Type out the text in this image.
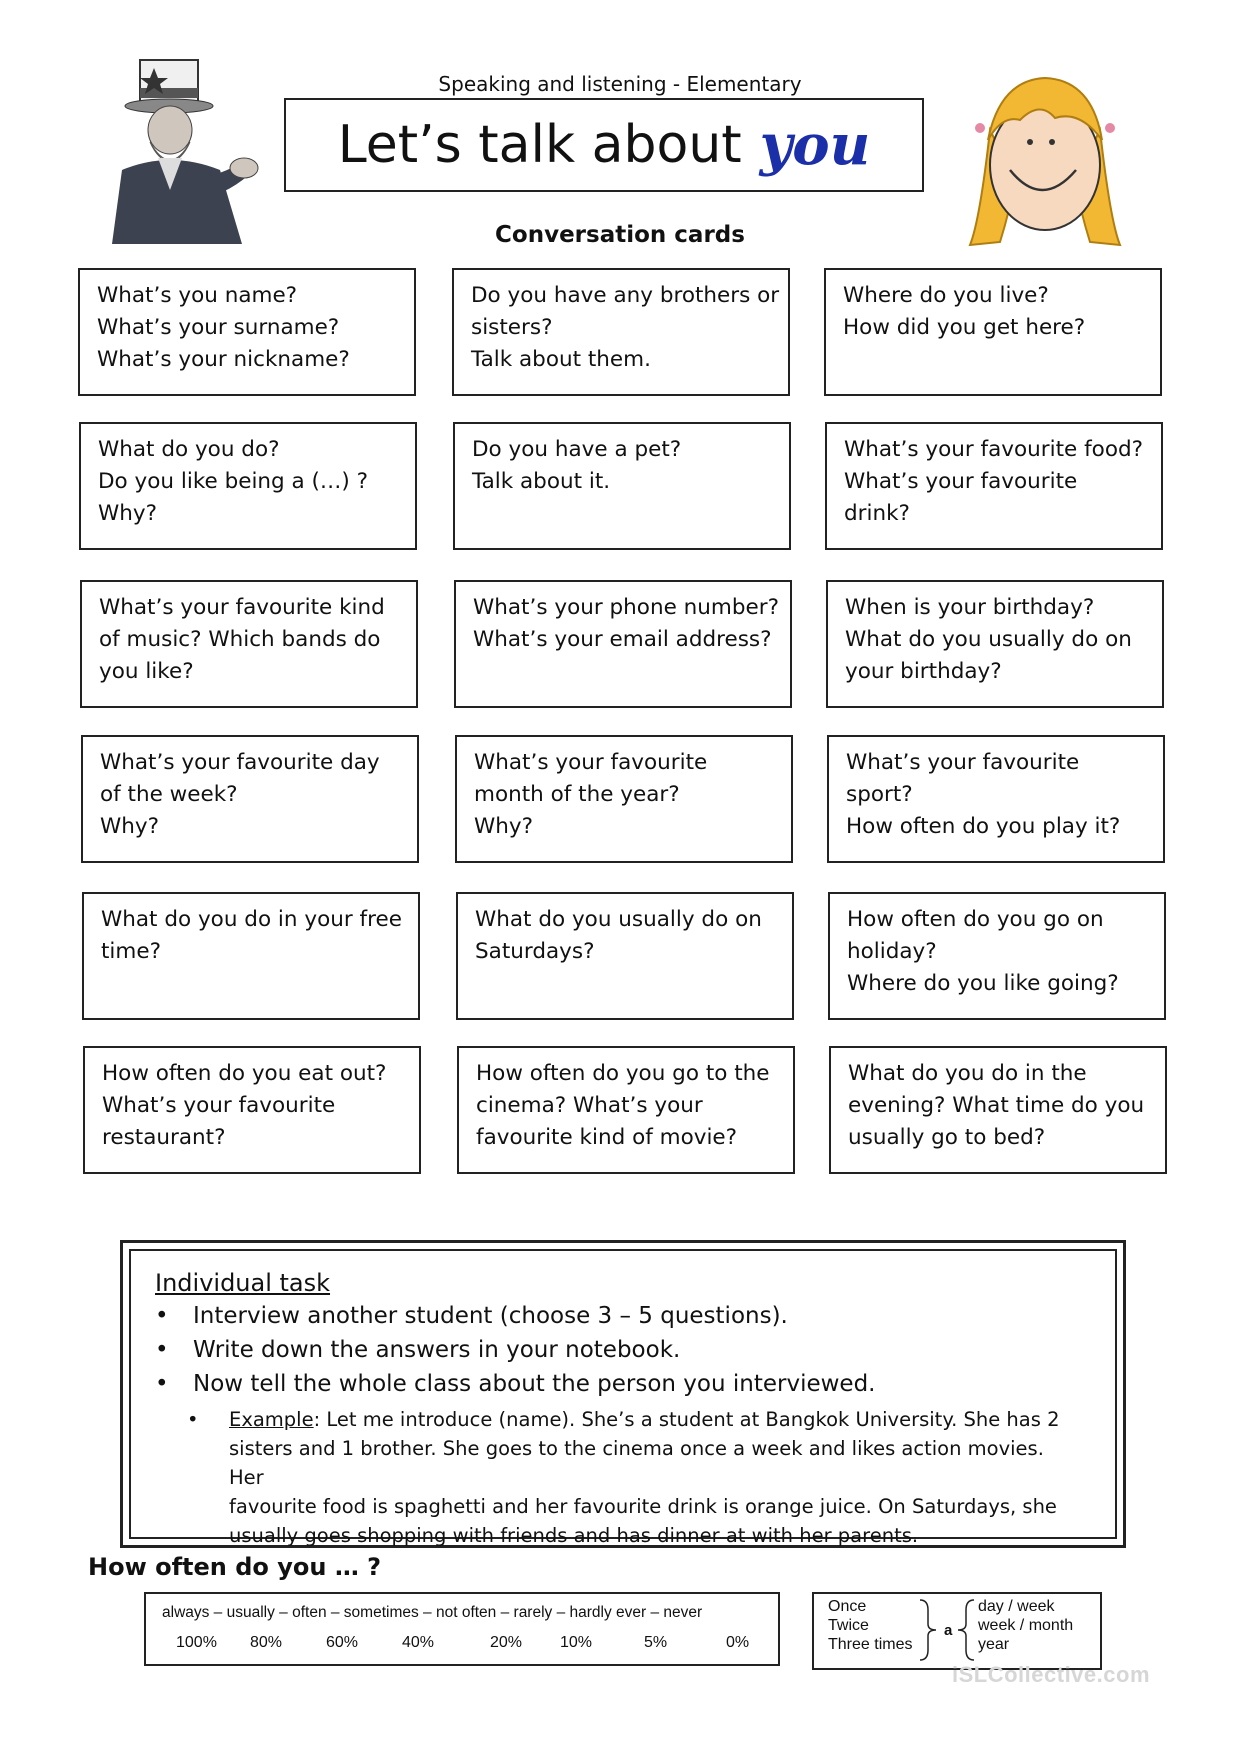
Speaking and listening - Elementary
Let’s talk about you
Conversation cards
What’s you name?
What’s your surname?
What’s your nickname?
Do you have any brothers or
sisters?
Talk about them.
Where do you live?
How did you get here?
What do you do?
Do you like being a (…) ?
Why?
Do you have a pet?
Talk about it.
What’s your favourite food?
What’s your favourite
drink?
What’s your favourite kind
of music? Which bands do
you like?
What’s your phone number?
What’s your email address?
When is your birthday?
What do you usually do on
your birthday?
What’s your favourite day
of the week?
Why?
What’s your favourite
month of the year?
Why?
What’s your favourite
sport?
How often do you play it?
What do you do in your free
time?
What do you usually do on
Saturdays?
How often do you go on
holiday?
Where do you like going?
How often do you eat out?
What’s your favourite
restaurant?
How often do you go to the
cinema? What’s your
favourite kind of movie?
What do you do in the
evening? What time do you
usually go to bed?
Individual task
• Interview another student (choose 3 – 5 questions).
• Write down the answers in your notebook.
• Now tell the whole class about the person you interviewed.
• Example: Let me introduce (name). She’s a student at Bangkok University. She has 2
sisters and 1 brother. She goes to the cinema once a week and likes action movies. Her
favourite food is spaghetti and her favourite drink is orange juice. On Saturdays, she
usually goes shopping with friends and has dinner at with her parents.
How often do you … ?
always – usually – often – sometimes – not often – rarely – hardly ever – never
100% 80%	60%	40%	20% 10%	5%	0%
Once
Twice
Three times
a
day / week
week / month
year
iSLCollective.com
